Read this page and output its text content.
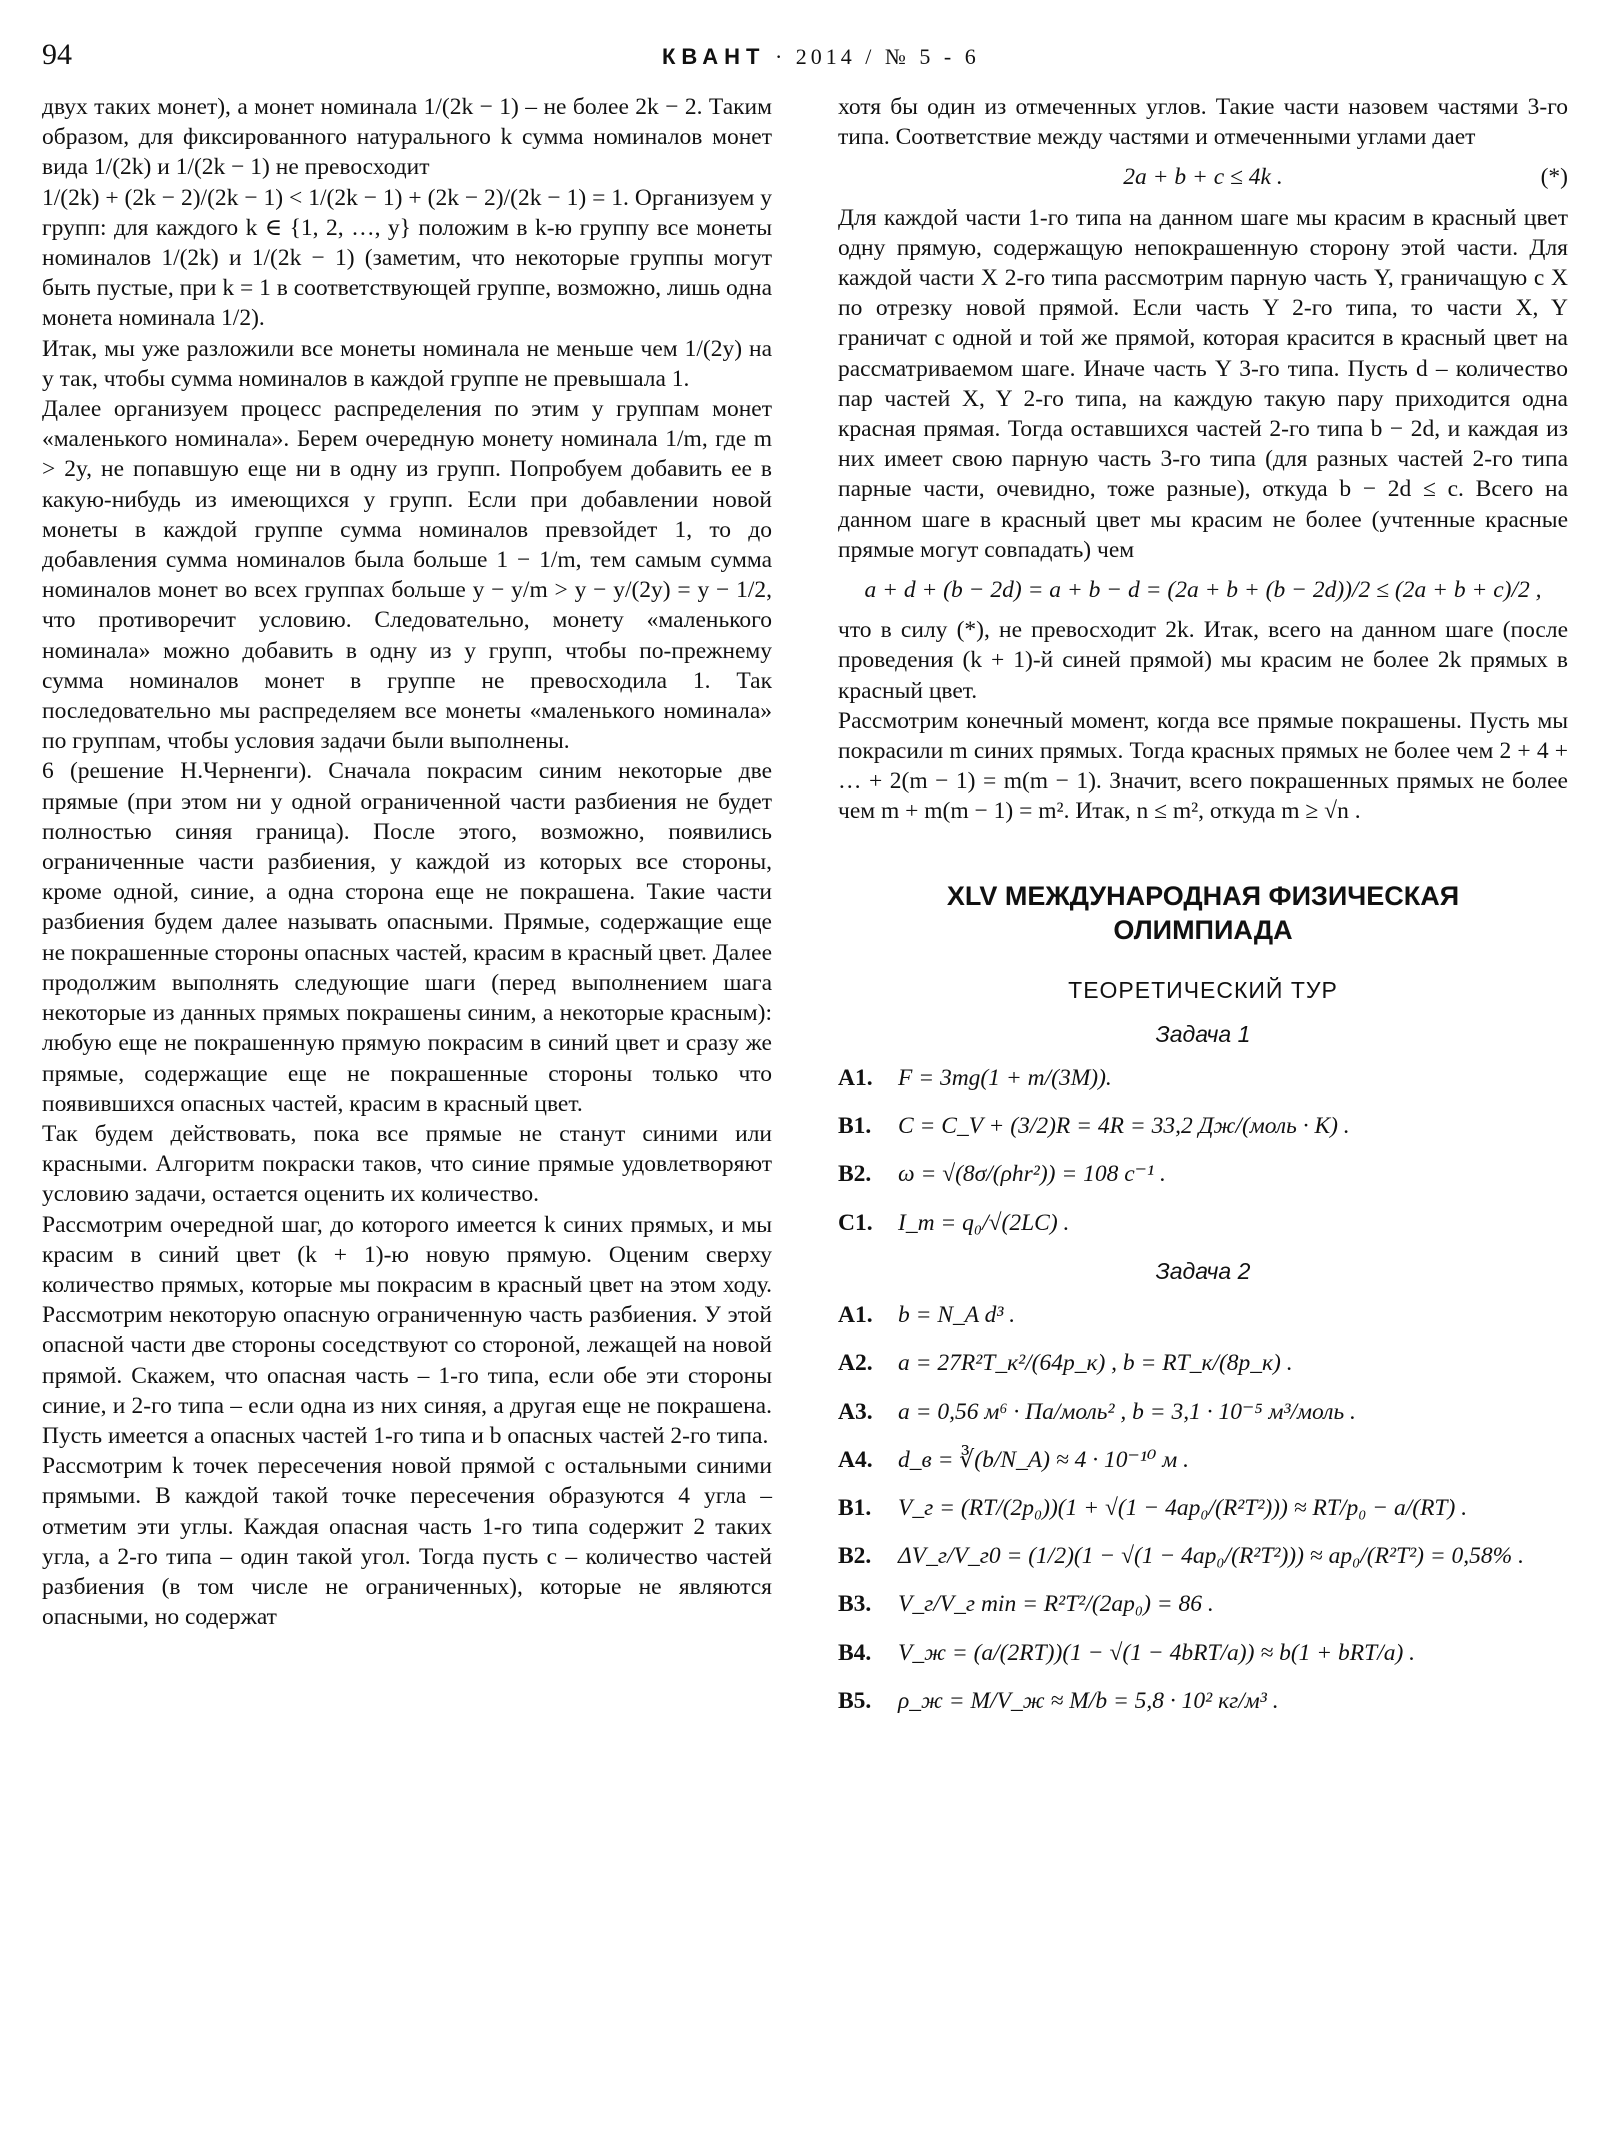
94	КВАНТ · 2014 / № 5 - 6

двух таких монет), а монет номинала 1/(2k − 1) – не более 2k − 2. Таким образом, для фиксированного натурального k сумма номиналов монет вида 1/(2k) и 1/(2k − 1) не превосходит

1/(2k) + (2k − 2)/(2k − 1) < 1/(2k − 1) + (2k − 2)/(2k − 1) = 1. Организуем y групп: для каждого k ∈ {1, 2, …, y} положим в k-ю группу все монеты номиналов 1/(2k) и 1/(2k − 1) (заметим, что некоторые группы могут быть пустые, при k = 1 в соответствующей группе, возможно, лишь одна монета номинала 1/2).

Итак, мы уже разложили все монеты номинала не меньше чем 1/(2y) на y так, чтобы сумма номиналов в каждой группе не превышала 1.

Далее организуем процесс распределения по этим y группам монет «маленького номинала». Берем очередную монету номинала 1/m, где m > 2y, не попавшую еще ни в одну из групп. Попробуем добавить ее в какую-нибудь из имеющихся y групп. Если при добавлении новой монеты в каждой группе сумма номиналов превзойдет 1, то до добавления сумма номиналов была больше 1 − 1/m, тем самым сумма номиналов монет во всех группах больше y − y/m > y − y/(2y) = y − 1/2, что противоречит условию. Следовательно, монету «маленького номинала» можно добавить в одну из y групп, чтобы по-прежнему сумма номиналов монет в группе не превосходила 1. Так последовательно мы распределяем все монеты «маленького номинала» по группам, чтобы условия задачи были выполнены.

6 (решение Н.Черненги). Сначала покрасим синим некоторые две прямые (при этом ни у одной ограниченной части разбиения не будет полностью синяя граница). После этого, возможно, появились ограниченные части разбиения, у каждой из которых все стороны, кроме одной, синие, а одна сторона еще не покрашена. Такие части разбиения будем далее называть опасными. Прямые, содержащие еще не покрашенные стороны опасных частей, красим в красный цвет. Далее продолжим выполнять следующие шаги (перед выполнением шага некоторые из данных прямых покрашены синим, а некоторые красным): любую еще не покрашенную прямую покрасим в синий цвет и сразу же прямые, содержащие еще не покрашенные стороны только что появившихся опасных частей, красим в красный цвет.

Так будем действовать, пока все прямые не станут синими или красными. Алгоритм покраски таков, что синие прямые удовлетворяют условию задачи, остается оценить их количество.

Рассмотрим очередной шаг, до которого имеется k синих прямых, и мы красим в синий цвет (k + 1)-ю новую прямую. Оценим сверху количество прямых, которые мы покрасим в красный цвет на этом ходу. Рассмотрим некоторую опасную ограниченную часть разбиения. У этой опасной части две стороны соседствуют со стороной, лежащей на новой прямой. Скажем, что опасная часть – 1-го типа, если обе эти стороны синие, и 2-го типа – если одна из них синяя, а другая еще не покрашена. Пусть имеется a опасных частей 1-го типа и b опасных частей 2-го типа.

Рассмотрим k точек пересечения новой прямой с остальными синими прямыми. В каждой такой точке пересечения образуются 4 угла – отметим эти углы. Каждая опасная часть 1-го типа содержит 2 таких угла, а 2-го типа – один такой угол. Тогда пусть c – количество частей разбиения (в том числе не ограниченных), которые не являются опасными, но содержат

хотя бы один из отмеченных углов. Такие части назовем частями 3-го типа. Соответствие между частями и отмеченными углами дает

2a + b + c ≤ 4k .	(*)

Для каждой части 1-го типа на данном шаге мы красим в красный цвет одну прямую, содержащую непокрашенную сторону этой части. Для каждой части X 2-го типа рассмотрим парную часть Y, граничащую с X по отрезку новой прямой. Если часть Y 2-го типа, то части X, Y граничат с одной и той же прямой, которая красится в красный цвет на рассматриваемом шаге. Иначе часть Y 3-го типа. Пусть d – количество пар частей X, Y 2-го типа, на каждую такую пару приходится одна красная прямая. Тогда оставшихся частей 2-го типа b − 2d, и каждая из них имеет свою парную часть 3-го типа (для разных частей 2-го типа парные части, очевидно, тоже разные), откуда b − 2d ≤ c. Всего на данном шаге в красный цвет мы красим не более (учтенные красные прямые могут совпадать) чем

a + d + (b − 2d) = a + b − d = (2a + b + (b − 2d))/2 ≤ (2a + b + c)/2 ,

что в силу (*), не превосходит 2k. Итак, всего на данном шаге (после проведения (k + 1)-й синей прямой) мы красим не более 2k прямых в красный цвет.

Рассмотрим конечный момент, когда все прямые покрашены. Пусть мы покрасили m синих прямых. Тогда красных прямых не более чем 2 + 4 + … + 2(m − 1) = m(m − 1). Значит, всего покрашенных прямых не более чем m + m(m − 1) = m². Итак, n ≤ m², откуда m ≥ √n .

XLV МЕЖДУНАРОДНАЯ ФИЗИЧЕСКАЯ
ОЛИМПИАДА
ТЕОРЕТИЧЕСКИЙ ТУР
Задача 1
A1.	F = 3mg(1 + m/(3M)).
B1.	C = C_V + (3/2)R = 4R = 33,2 Дж/(моль · К) .
B2.	ω = √(8σ/(ρhr²)) = 108 с⁻¹ .
C1.	I_m = q₀/√(2LC) .
Задача 2
A1.	b = N_A d³ .
A2.	a = 27R²T_к²/(64p_к) , b = RT_к/(8p_к) .
A3.	a = 0,56 м⁶ · Па/моль² , b = 3,1 · 10⁻⁵ м³/моль .
A4.	d_в = ∛(b/N_A) ≈ 4 · 10⁻¹⁰ м .
B1.	V_г = (RT/(2p₀))(1 + √(1 − 4ap₀/(R²T²))) ≈ RT/p₀ − a/(RT) .
B2.	ΔV_г/V_г0 = (1/2)(1 − √(1 − 4ap₀/(R²T²))) ≈ ap₀/(R²T²) = 0,58% .
B3.	V_г/V_г min = R²T²/(2ap₀) = 86 .
B4.	V_ж = (a/(2RT))(1 − √(1 − 4bRT/a)) ≈ b(1 + bRT/a) .
B5.	ρ_ж = M/V_ж ≈ M/b = 5,8 · 10² кг/м³ .
